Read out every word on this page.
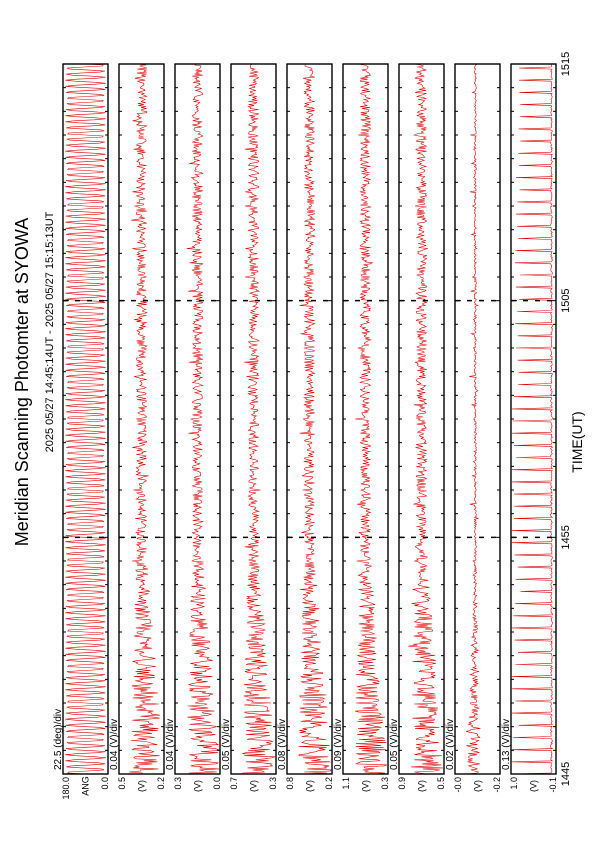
Meridian Scanning Photomter at SYOWA 2025 05/27 14:45:14UT - 2025 05/27 15:15:13UT	TIME(UT)
22.5 (deg)/div
180.0	0.0
ANG
0.04 (V)/div
0.5	0.2
(V)
0.04 (V)/div
0.3	0.0
(V)
0.05 (V)/div
0.7	0.3
(V)
0.08 (V)/div
0.8	0.2
(V)
0.09 (V)/div
1.1	0.3
(V)
0.05 (V)/div
0.9	0.5
(V)
0.02 (V)/div
-0.0	-0.2
(V)
0.13 (V)/div
1.0	-0.1
(V) 1445
1455
1505
1515
